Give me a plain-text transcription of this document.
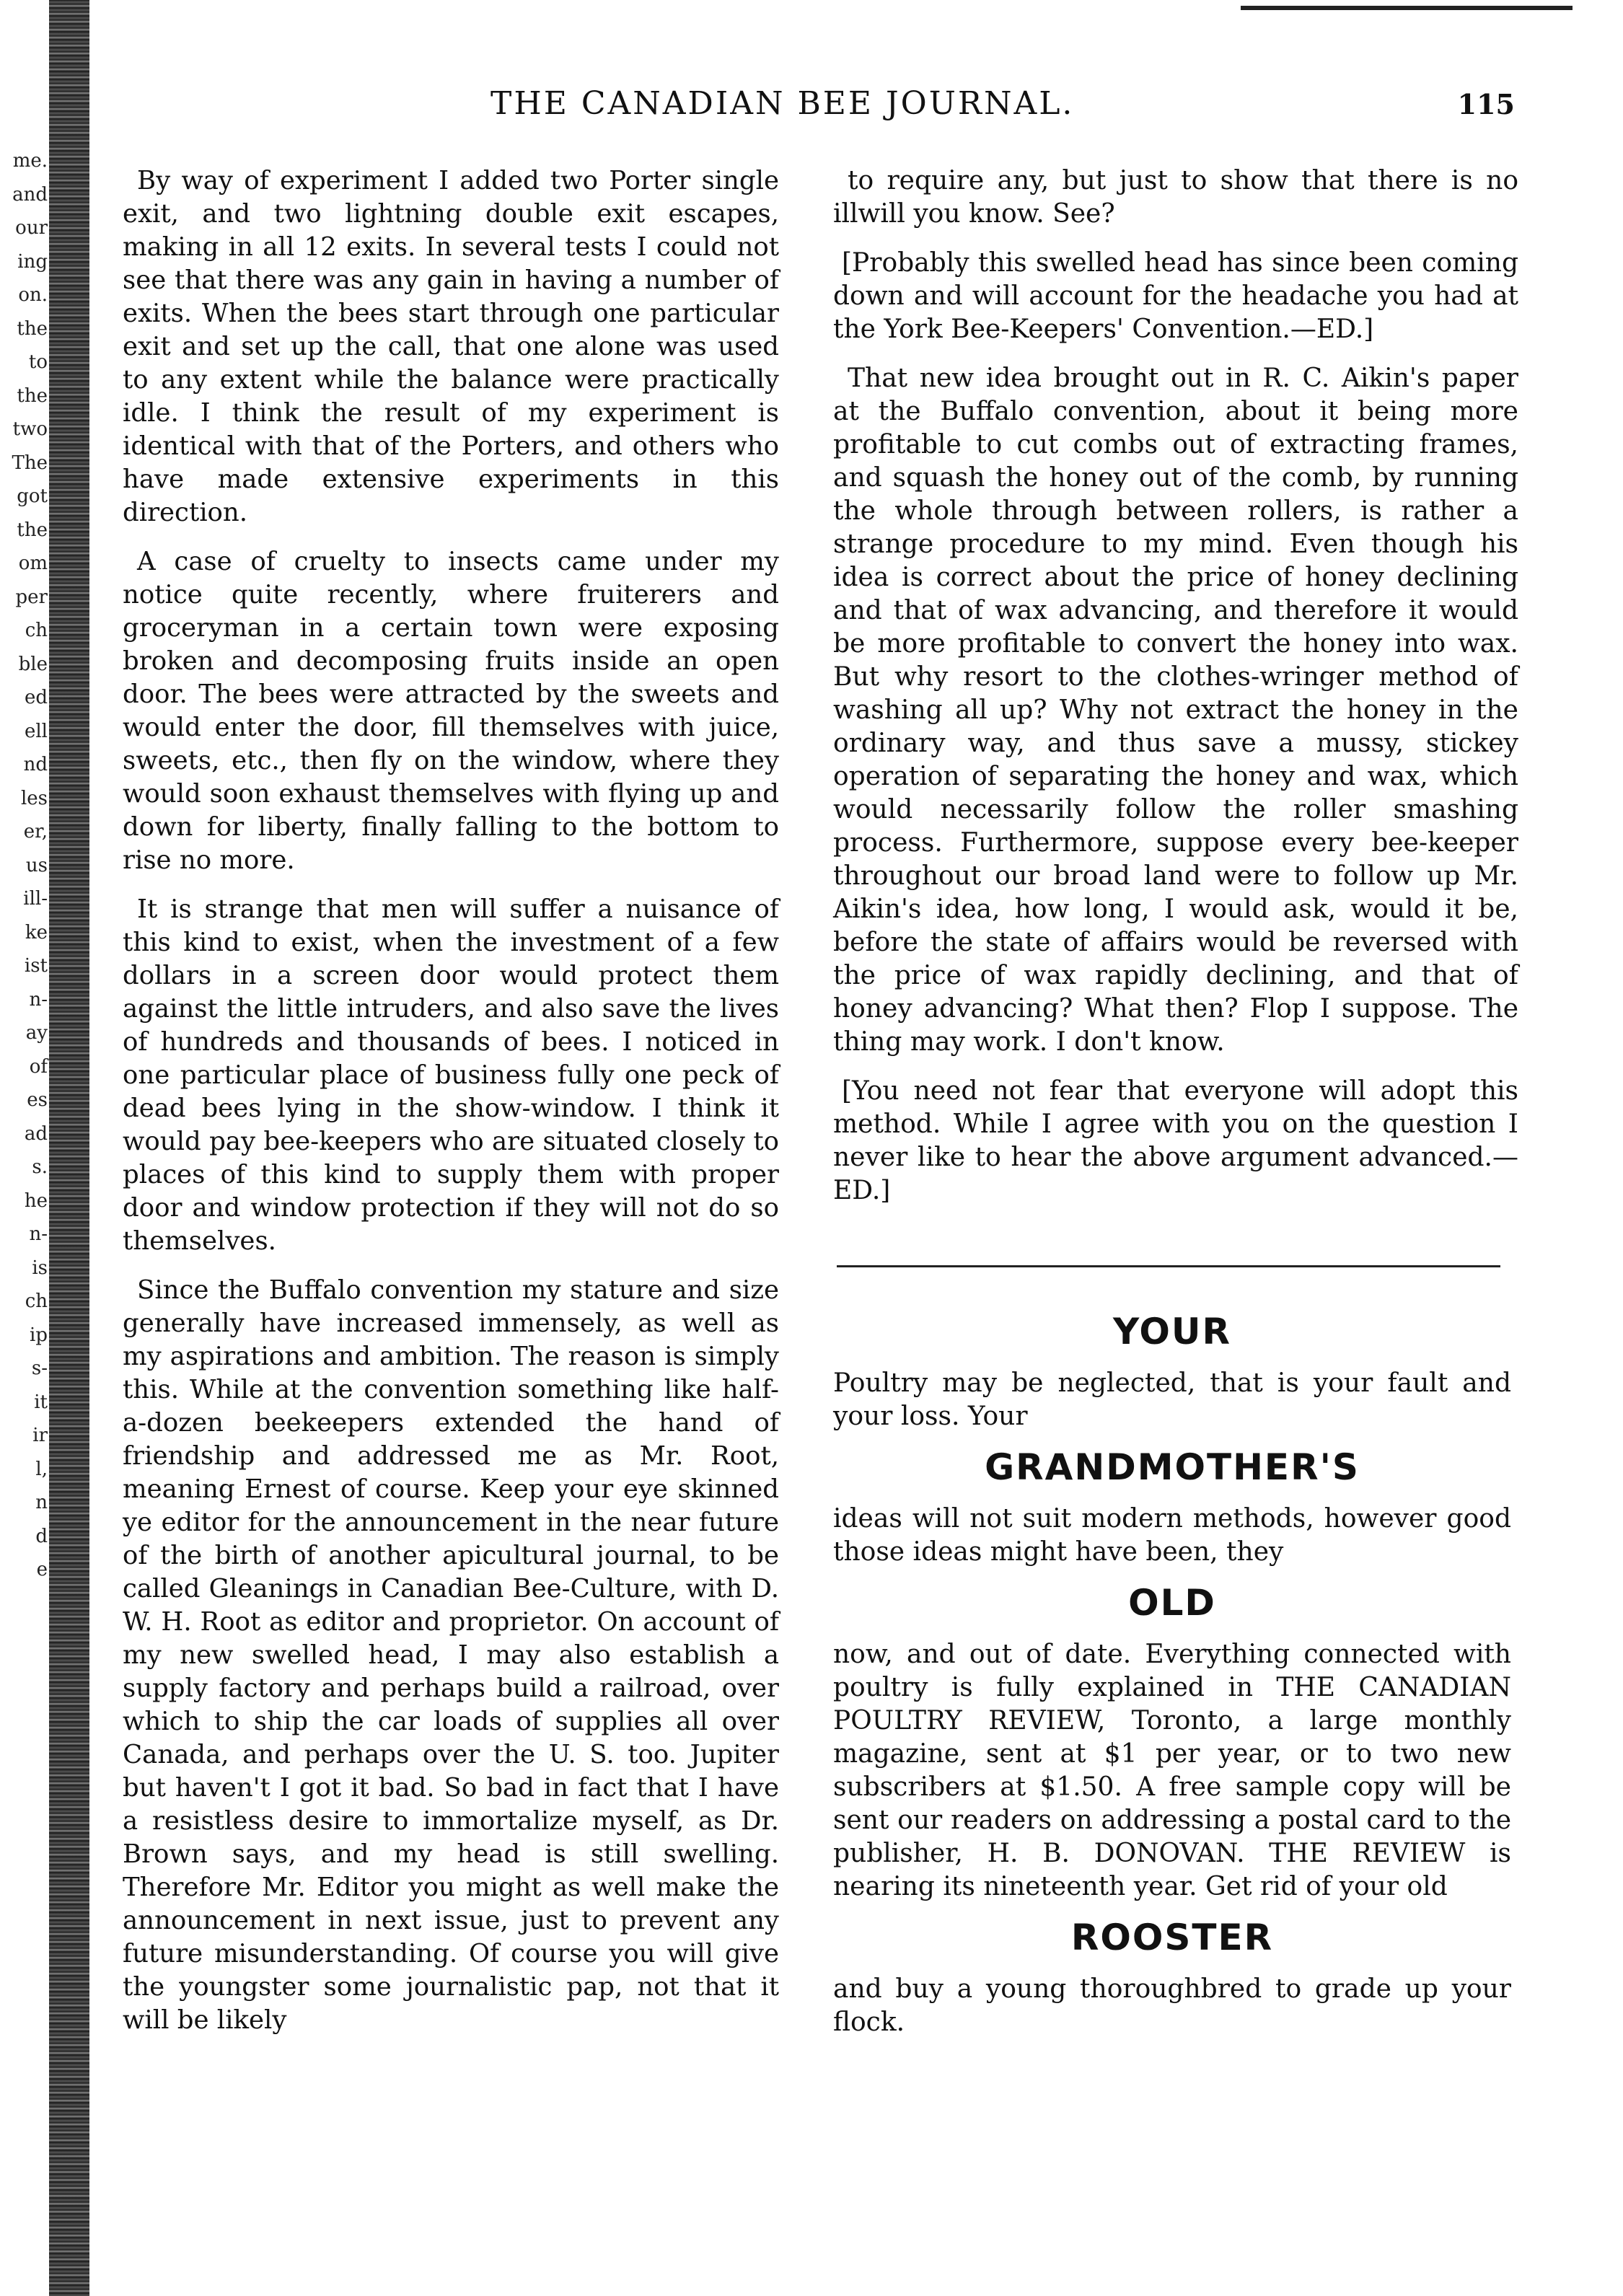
me.
and
our
ing
on.
the
to
the
two
The
got
the
om
per
ch
ble
ed
ell
nd
les
er,
us
ill-
ke
ist
n-
ay
of
es
ad
s.
he
n-
is
ch
ip
s-
it
ir
l,
n
d
e
THE CANADIAN BEE JOURNAL.	115

By way of experiment I added two Porter single exit, and two lightning double exit escapes, making in all 12 exits. In several tests I could not see that there was any gain in having a number of exits. When the bees start through one particular exit and set up the call, that one alone was used to any extent while the balance were practically idle. I think the result of my experiment is identical with that of the Porters, and others who have made extensive experiments in this direction.

A case of cruelty to insects came under my notice quite recently, where fruiterers and groceryman in a certain town were exposing broken and decomposing fruits inside an open door. The bees were attracted by the sweets and would enter the door, fill themselves with juice, sweets, etc., then fly on the window, where they would soon exhaust themselves with flying up and down for liberty, finally falling to the bottom to rise no more.

It is strange that men will suffer a nuisance of this kind to exist, when the investment of a few dollars in a screen door would protect them against the little intruders, and also save the lives of hundreds and thousands of bees. I noticed in one particular place of business fully one peck of dead bees lying in the show-window. I think it would pay bee-keepers who are situated closely to places of this kind to supply them with proper door and window protection if they will not do so themselves.

Since the Buffalo convention my stature and size generally have increased immensely, as well as my aspirations and ambition. The reason is simply this. While at the convention something like half-a-dozen beekeepers extended the hand of friendship and addressed me as Mr. Root, meaning Ernest of course. Keep your eye skinned ye editor for the announcement in the near future of the birth of another apicultural journal, to be called Gleanings in Canadian Bee-Culture, with D. W. H. Root as editor and proprietor. On account of my new swelled head, I may also establish a supply factory and perhaps build a railroad, over which to ship the car loads of supplies all over Canada, and perhaps over the U. S. too. Jupiter but haven't I got it bad. So bad in fact that I have a resistless desire to immortalize myself, as Dr. Brown says, and my head is still swelling. Therefore Mr. Editor you might as well make the announcement in next issue, just to prevent any future misunderstanding. Of course you will give the youngster some journalistic pap, not that it will be likely

to require any, but just to show that there is no illwill you know. See?

[Probably this swelled head has since been coming down and will account for the headache you had at the York Bee-Keepers' Convention.—ED.]

That new idea brought out in R. C. Aikin's paper at the Buffalo convention, about it being more profitable to cut combs out of extracting frames, and squash the honey out of the comb, by running the whole through between rollers, is rather a strange procedure to my mind. Even though his idea is correct about the price of honey declining and that of wax advancing, and therefore it would be more profitable to convert the honey into wax. But why resort to the clothes-wringer method of washing all up? Why not extract the honey in the ordinary way, and thus save a mussy, stickey operation of separating the honey and wax, which would necessarily follow the roller smashing process. Furthermore, suppose every bee-keeper throughout our broad land were to follow up Mr. Aikin's idea, how long, I would ask, would it be, before the state of affairs would be reversed with the price of wax rapidly declining, and that of honey advancing? What then? Flop I suppose. The thing may work. I don't know.

[You need not fear that everyone will adopt this method. While I agree with you on the question I never like to hear the above argument advanced.—ED.]

YOUR

Poultry may be neglected, that is your fault and your loss. Your

GRANDMOTHER'S

ideas will not suit modern methods, however good those ideas might have been, they

OLD

now, and out of date. Everything connected with poultry is fully explained in THE CANADIAN POULTRY REVIEW, Toronto, a large monthly magazine, sent at $1 per year, or to two new subscribers at $1.50. A free sample copy will be sent our readers on addressing a postal card to the publisher, H. B. DONOVAN. THE REVIEW is nearing its nineteenth year. Get rid of your old

ROOSTER

and buy a young thoroughbred to grade up your flock.
